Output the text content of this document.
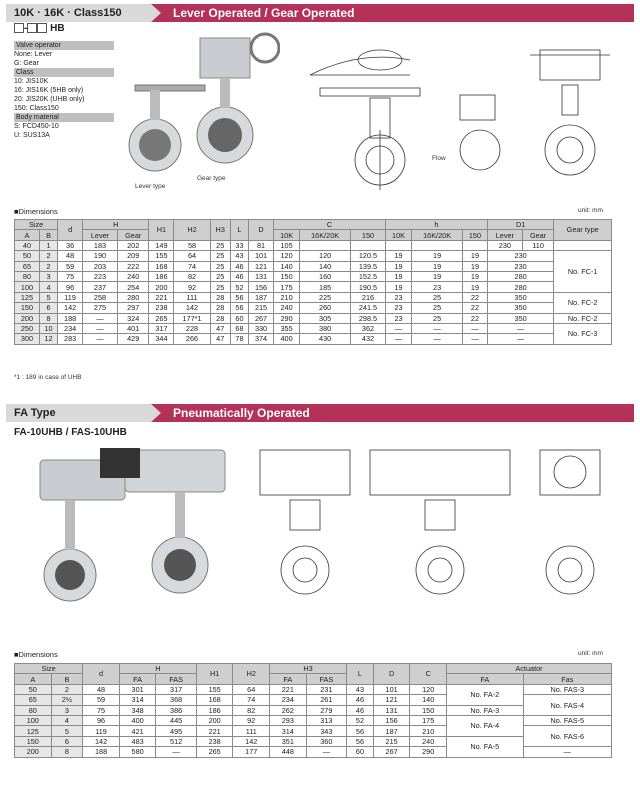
10K · 16K · Class150	Lever Operated / Gear Operated
- HB
Valve operator
None: Lever
G: Gear
Class
10: JIS10K
16: JIS16K (5HB only)
20: JIS20K (UHB only)
150: Class150
Body material
S: FCD450-10
U: SUS13A
Lever type
Gear type
Flow
■Dimensions	unit: mm
Size		d	H		H1	H2	H3	L	D	C			h			D1		Gear type
A	B		Lever	Gear						10K	16K/20K	150	10K	16K/20K	150	Lever	Gear	
40	1	36	183	202	149	58	25	33	81	105						230	110	
50	2	48	190	209	155	64	25	43	101	120	120	120.5	19	19	19	230		No. FC-1
65	2	59	203	222	168	74	25	46	121	140	140	139.5	19	19	19	230		
80	3	75	223	240	186	82	25	46	131	150	160	152.5	19	19	19	280		
100	4	96	237	254	200	92	25	52	156	175	185	190.5	19	23	19	280		
125	5	119	258	280	221	111	28	56	187	210	225	216	23	25	22	350		No. FC-2
150	6	142	275	297	238	142	28	56	215	240	260	241.5	23	25	22	350		
200	8	188	—	324	265	177*1	28	60	267	290	305	298.5	23	25	22	350		No. FC-2
250	10	234	—	401	317	228	47	68	330	355	380	362	—	—	—	—		No. FC-3
300	12	283	—	429	344	266	47	78	374	400	430	432	—	—	—	—		
*1 : 189 in case of UHB
FA Type	Pneumatically Operated
FA-10UHB / FAS-10UHB
■Dimensions	unit: mm
Size		d	H		H1	H2	H3		L	D	C	Actuator	
A	B		FA	FAS			FA	FAS				FA	Fas
50	2	48	301	317	155	64	221	231	43	101	120	No. FA-2	No. FAS-3
65	2½	59	314	368	168	74	234	261	46	121	140		No. FAS-4
80	3	75	348	386	186	82	262	279	46	131	150	No. FA-3	
100	4	96	400	445	200	92	293	313	52	156	175	No. FA-4	No. FAS-5
125	5	119	421	495	221	111	314	343	56	187	210		No. FAS-6
150	6	142	483	512	238	142	351	360	56	215	240	No. FA-5	
200	8	188	580	—	265	177	448	—	60	267	290		—
